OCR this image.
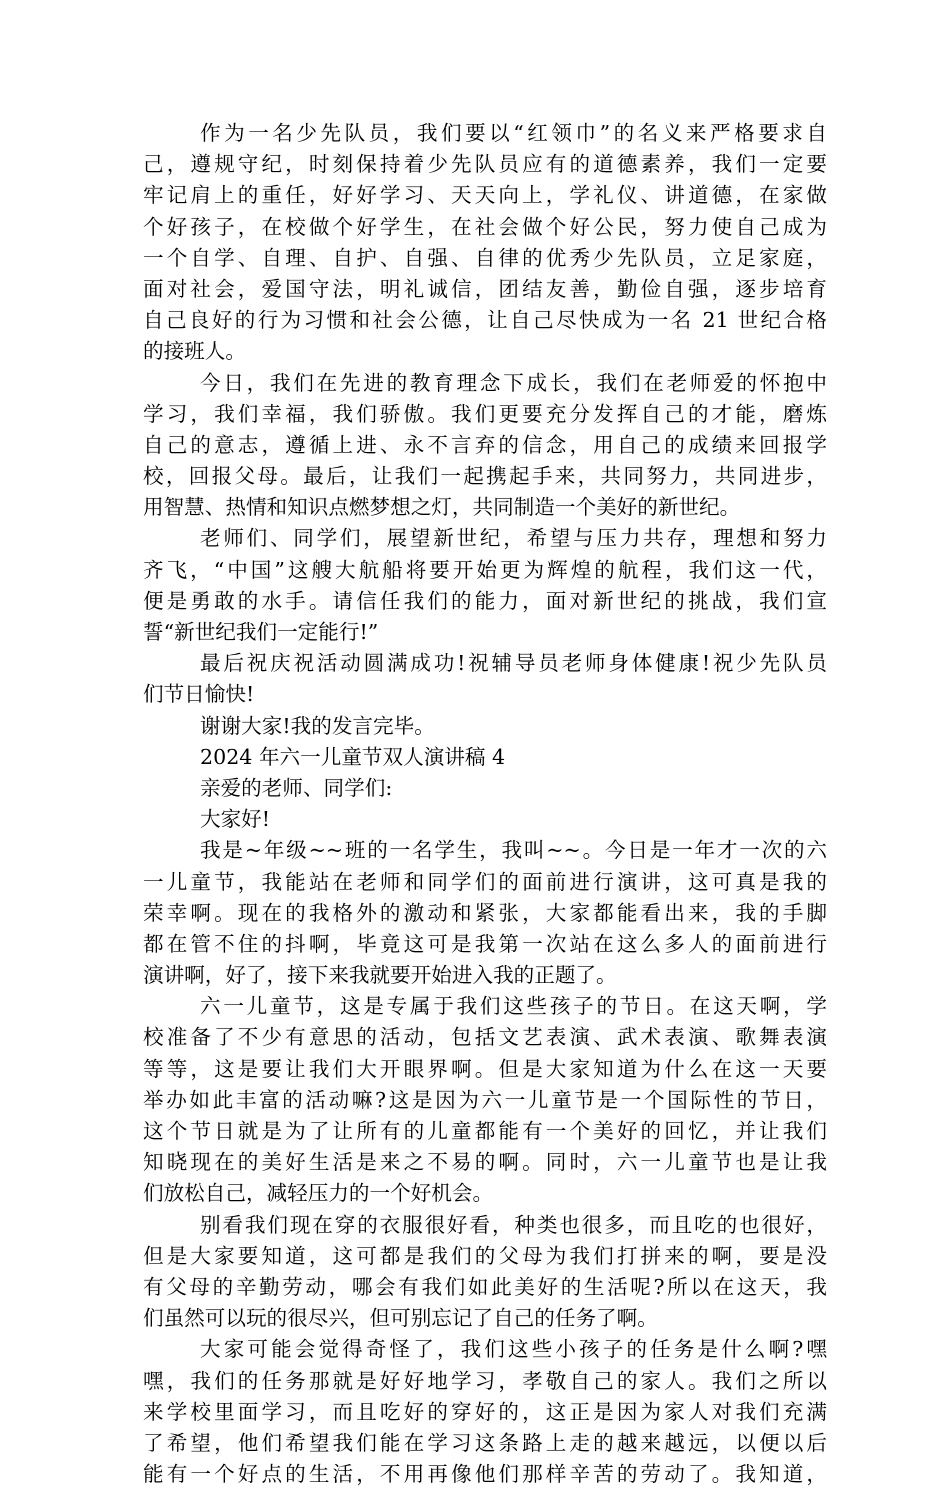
作为一名少先队员，我们要以“红领巾”的名义来严格要求自
己，遵规守纪，时刻保持着少先队员应有的道德素养，我们一定要
牢记肩上的重任，好好学习、天天向上，学礼仪、讲道德，在家做
个好孩子，在校做个好学生，在社会做个好公民，努力使自己成为
一个自学、自理、自护、自强、自律的优秀少先队员，立足家庭，
面对社会，爱国守法，明礼诚信，团结友善，勤俭自强，逐步培育
自己良好的行为习惯和社会公德，让自己尽快成为一名 21 世纪合格
的接班人。
今日，我们在先进的教育理念下成长，我们在老师爱的怀抱中
学习，我们幸福，我们骄傲。我们更要充分发挥自己的才能，磨炼
自己的意志，遵循上进、永不言弃的信念，用自己的成绩来回报学
校，回报父母。最后，让我们一起携起手来，共同努力，共同进步，
用智慧、热情和知识点燃梦想之灯，共同制造一个美好的新世纪。
老师们、同学们，展望新世纪，希望与压力共存，理想和努力
齐飞，“中国”这艘大航船将要开始更为辉煌的航程，我们这一代，
便是勇敢的水手。请信任我们的能力，面对新世纪的挑战，我们宣
誓“新世纪我们一定能行!”
最后祝庆祝活动圆满成功!祝辅导员老师身体健康!祝少先队员
们节日愉快!
谢谢大家!我的发言完毕。
2024 年六一儿童节双人演讲稿 4
亲爱的老师、同学们:
大家好!
我是~年级~~班的一名学生，我叫~~。今日是一年才一次的六
一儿童节，我能站在老师和同学们的面前进行演讲，这可真是我的
荣幸啊。现在的我格外的激动和紧张，大家都能看出来，我的手脚
都在管不住的抖啊，毕竟这可是我第一次站在这么多人的面前进行
演讲啊，好了，接下来我就要开始进入我的正题了。
六一儿童节，这是专属于我们这些孩子的节日。在这天啊，学
校准备了不少有意思的活动，包括文艺表演、武术表演、歌舞表演
等等，这是要让我们大开眼界啊。但是大家知道为什么在这一天要
举办如此丰富的活动嘛?这是因为六一儿童节是一个国际性的节日，
这个节日就是为了让所有的儿童都能有一个美好的回忆，并让我们
知晓现在的美好生活是来之不易的啊。同时，六一儿童节也是让我
们放松自己，减轻压力的一个好机会。
别看我们现在穿的衣服很好看，种类也很多，而且吃的也很好，
但是大家要知道，这可都是我们的父母为我们打拼来的啊，要是没
有父母的辛勤劳动，哪会有我们如此美好的生活呢?所以在这天，我
们虽然可以玩的很尽兴，但可别忘记了自己的任务了啊。
大家可能会觉得奇怪了，我们这些小孩子的任务是什么啊?嘿
嘿，我们的任务那就是好好地学习，孝敬自己的家人。我们之所以
来学校里面学习，而且吃好的穿好的，这正是因为家人对我们充满
了希望，他们希望我们能在学习这条路上走的越来越远，以便以后
能有一个好点的生活，不用再像他们那样辛苦的劳动了。我知道，
